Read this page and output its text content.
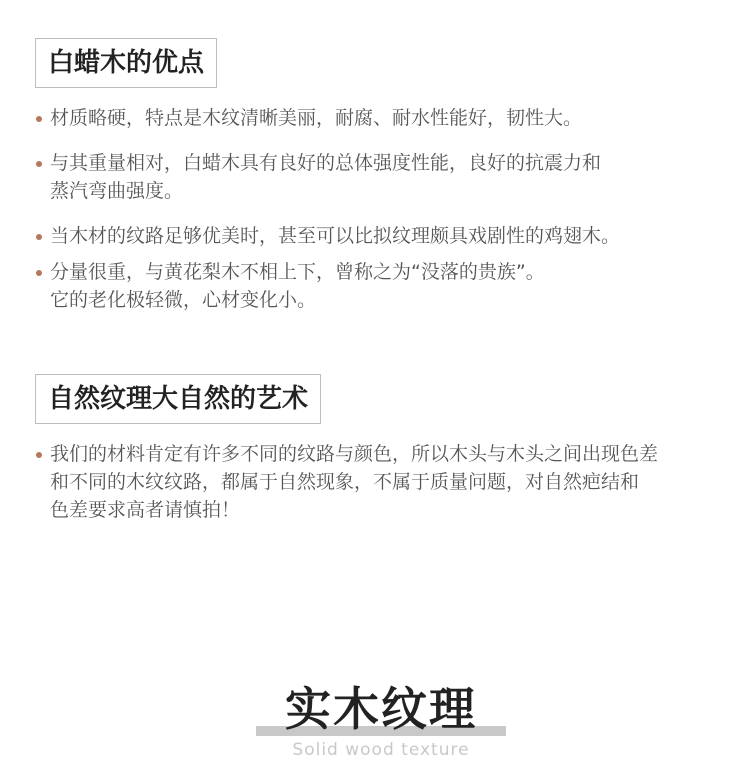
白蜡木的优点
材质略硬，特点是木纹清晰美丽，耐腐、耐水性能好，韧性大。
与其重量相对，白蜡木具有良好的总体强度性能，良好的抗震力和
蒸汽弯曲强度。
当木材的纹路足够优美时，甚至可以比拟纹理颇具戏剧性的鸡翅木。
分量很重，与黄花梨木不相上下，曾称之为“没落的贵族”。
它的老化极轻微，心材变化小。
自然纹理大自然的艺术
我们的材料肯定有许多不同的纹路与颜色，所以木头与木头之间出现色差
和不同的木纹纹路，都属于自然现象，不属于质量问题，对自然疤结和
色差要求高者请慎拍！
实木纹理
Solid wood texture
